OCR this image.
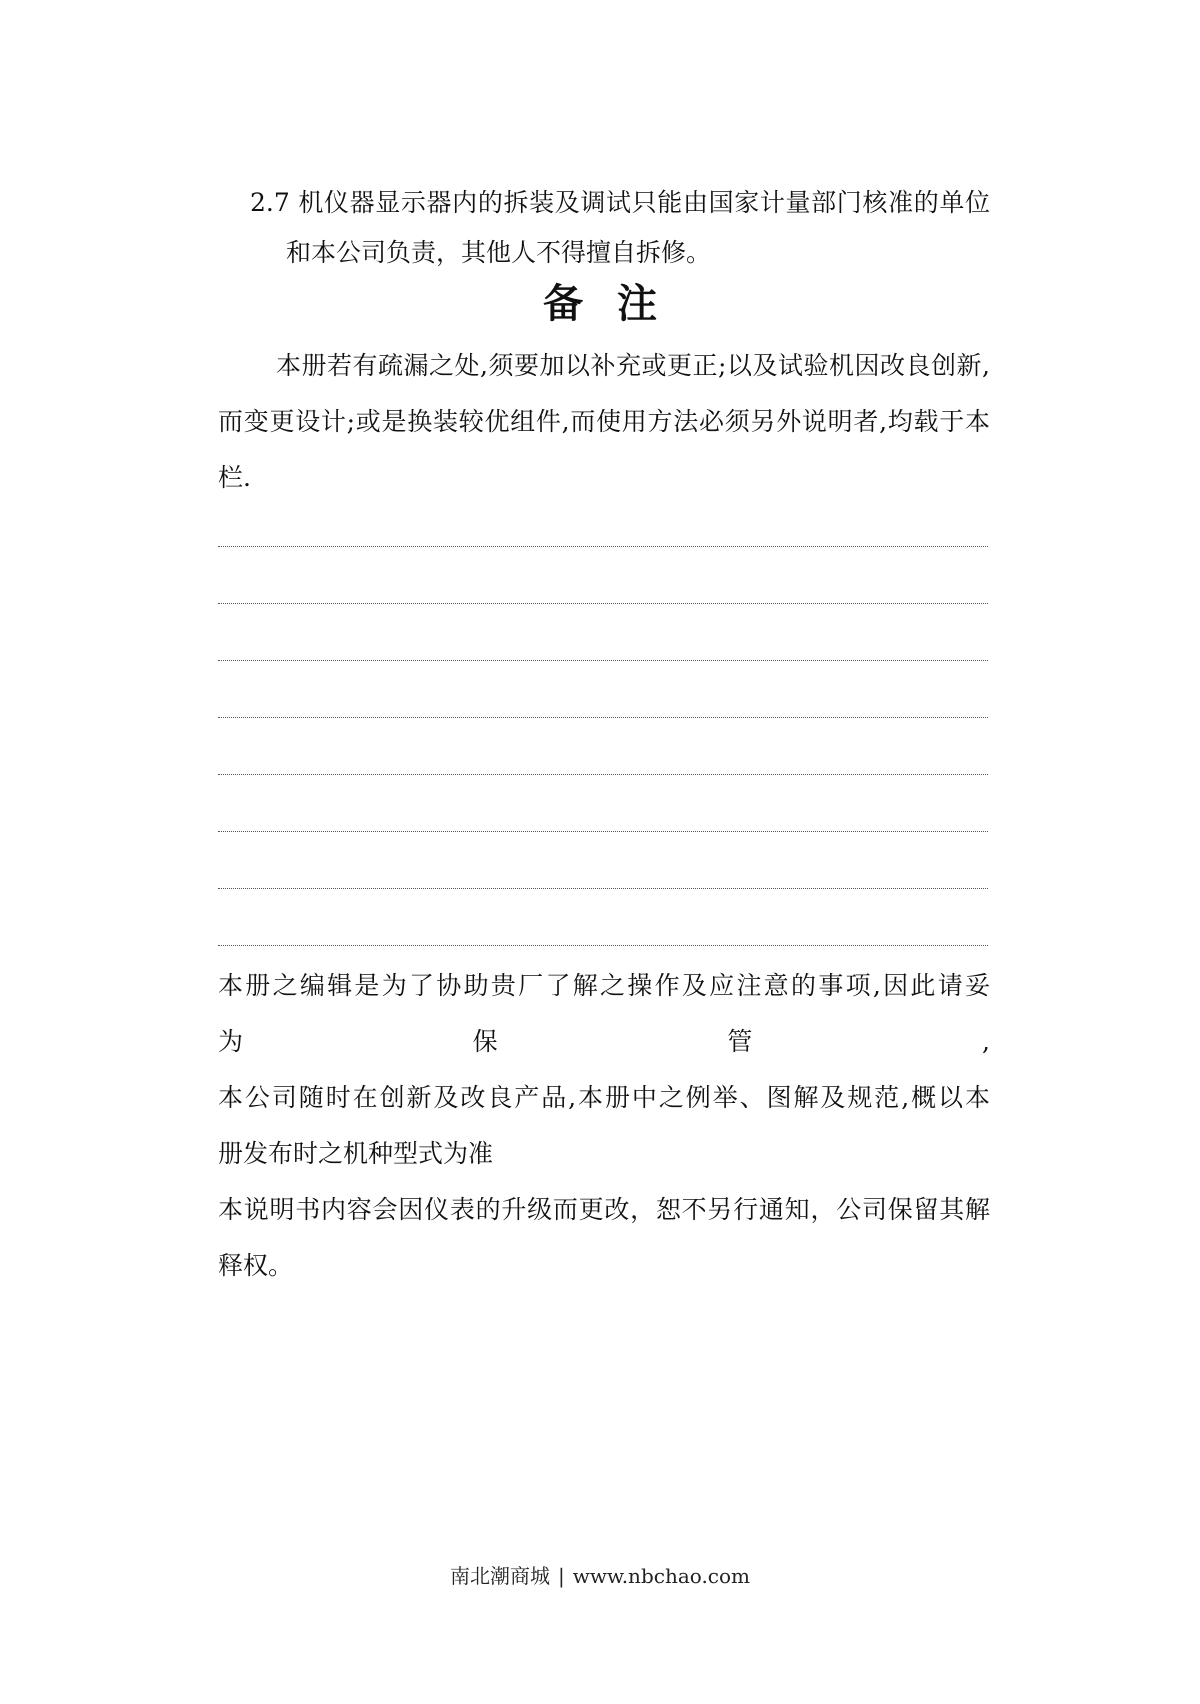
2.7 机仪器显示器内的拆装及调试只能由国家计量部门核准的单位
和本公司负责，其他人不得擅自拆修。
备注
本册若有疏漏之处,须要加以补充或更正;以及试验机因改良创新,
而变更设计;或是换装较优组件,而使用方法必须另外说明者,均载于本
栏.
本册之编辑是为了协助贵厂了解之操作及应注意的事项,因此请妥
为	保	管	,
本公司随时在创新及改良产品,本册中之例举、图解及规范,概以本
册发布时之机种型式为准
本说明书内容会因仪表的升级而更改，恕不另行通知，公司保留其解
释权。
南北潮商城 | www.nbchao.com
